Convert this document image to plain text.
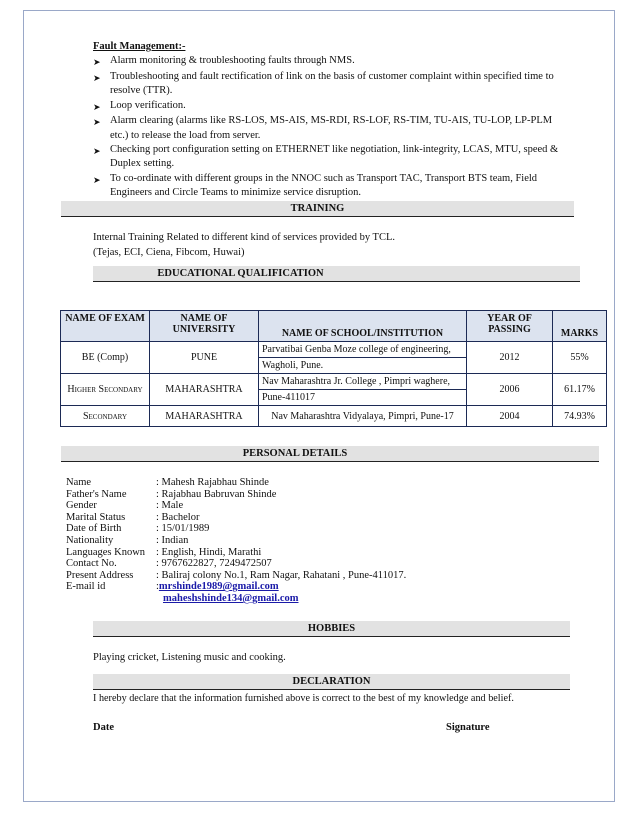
Fault Management:-
➤ Alarm monitoring & troubleshooting faults through NMS.
➤ Troubleshooting and fault rectification of link on the basis of customer complaint within specified time to resolve (TTR).
➤ Loop verification.
➤ Alarm clearing (alarms like RS-LOS, MS-AIS, MS-RDI, RS-LOF, RS-TIM, TU-AIS, TU-LOP, LP-PLM etc.) to release the load from server.
➤ Checking port configuration setting on ETHERNET like negotiation, link-integrity, LCAS, MTU, speed & Duplex setting.
➤ To co-ordinate with different groups in the NNOC such as Transport TAC, Transport BTS team, Field Engineers and Circle Teams to minimize service disruption.
TRAINING
Internal Training Related to different kind of services provided by TCL.
(Tejas, ECI, Ciena, Fibcom, Huwai)
EDUCATIONAL QUALIFICATION
NAME OF EXAM	NAME OF UNIVERSITY	NAME OF SCHOOL/INSTITUTION	YEAR OF PASSING	MARKS
BE (Comp)	PUNE	Parvatibai Genba Moze college of engineering,	2012	55%
		Wagholi, Pune.		
Higher Secondary	MAHARASHTRA	Nav Maharashtra Jr. College , Pimpri waghere,	2006	61.17%
		Pune-411017		
Secondary	MAHARASHTRA	Nav Maharashtra Vidyalaya, Pimpri, Pune-17	2004	74.93%
PERSONAL DETAILS
Name	: Mahesh Rajabhau Shinde
Father's Name	: Rajabhau Babruvan Shinde
Gender	: Male
Marital Status	: Bachelor
Date of Birth	: 15/01/1989
Nationality	: Indian
Languages Known	: English, Hindi, Marathi
Contact No.	: 9767622827, 7249472507
Present Address	: Baliraj colony No.1, Ram Nagar, Rahatani , Pune-411017.
E-mail id	: mrshinde1989@gmail.com
maheshshinde134@gmail.com
HOBBIES
Playing cricket, Listening music and cooking.
DECLARATION
I hereby declare that the information furnished above is correct to the best of my knowledge and belief.
Date	Signature
